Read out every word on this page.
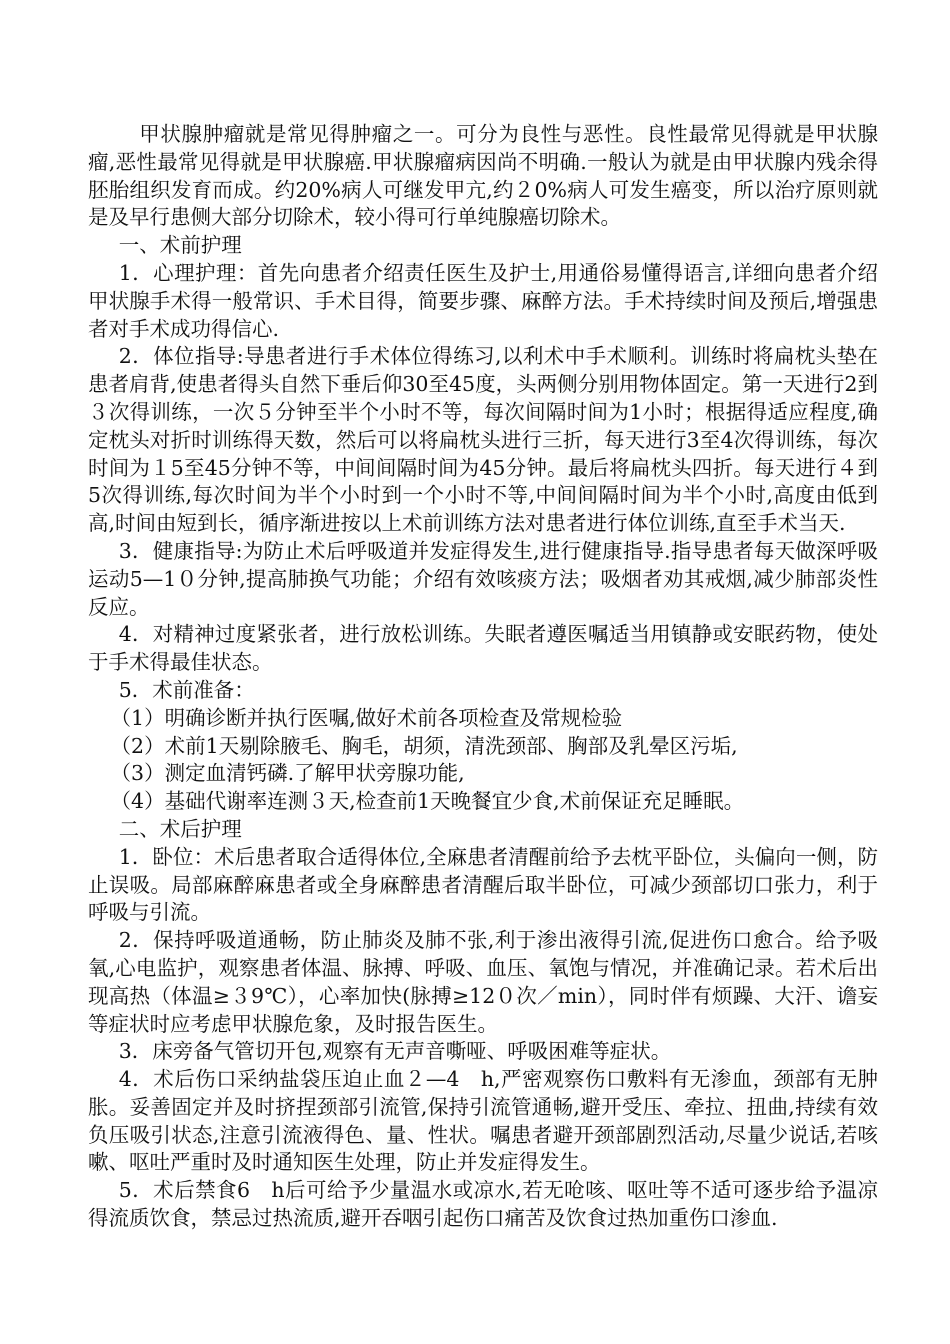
甲状腺肿瘤就是常见得肿瘤之一。可分为良性与恶性。良性最常见得就是甲状腺瘤,恶性最常见得就是甲状腺癌.甲状腺瘤病因尚不明确.一般认为就是由甲状腺内残余得胚胎组织发育而成。约20%病人可继发甲亢,约２0%病人可发生癌变，所以治疗原则就是及早行患侧大部分切除术，较小得可行单纯腺癌切除术。

一、术前护理

1．心理护理：首先向患者介绍责任医生及护士,用通俗易懂得语言,详细向患者介绍甲状腺手术得一般常识、手术目得，简要步骤、麻醉方法。手术持续时间及预后,增强患者对手术成功得信心.

2．体位指导:导患者进行手术体位得练习,以利术中手术顺利。训练时将扁枕头垫在患者肩背,使患者得头自然下垂后仰30至45度，头两侧分别用物体固定。第一天进行2到３次得训练，一次５分钟至半个小时不等，每次间隔时间为1小时；根据得适应程度,确定枕头对折时训练得天数，然后可以将扁枕头进行三折，每天进行3至4次得训练，每次时间为１5至45分钟不等，中间间隔时间为45分钟。最后将扁枕头四折。每天进行４到5次得训练,每次时间为半个小时到一个小时不等,中间间隔时间为半个小时,高度由低到高,时间由短到长，循序渐进按以上术前训练方法对患者进行体位训练,直至手术当天.

3．健康指导:为防止术后呼吸道并发症得发生,进行健康指导.指导患者每天做深呼吸运动5—1０分钟,提高肺换气功能；介绍有效咳痰方法；吸烟者劝其戒烟,减少肺部炎性反应。

4．对精神过度紧张者，进行放松训练。失眠者遵医嘱适当用镇静或安眠药物，使处于手术得最佳状态。

5．术前准备：

（1）明确诊断并执行医嘱,做好术前各项检查及常规检验

（2）术前1天剔除腋毛、胸毛，胡须，清洗颈部、胸部及乳晕区污垢,

（3）测定血清钙磷.了解甲状旁腺功能,

（4）基础代谢率连测３天,检查前1天晚餐宜少食,术前保证充足睡眠。

二、术后护理

1．卧位：术后患者取合适得体位,全麻患者清醒前给予去枕平卧位，头偏向一侧，防止误吸。局部麻醉麻患者或全身麻醉患者清醒后取半卧位，可减少颈部切口张力，利于呼吸与引流。

2．保持呼吸道通畅，防止肺炎及肺不张,利于渗出液得引流,促进伤口愈合。给予吸氧,心电监护，观察患者体温、脉搏、呼吸、血压、氧饱与情况，并准确记录。若术后出现高热（体温≥３9℃），心率加快(脉搏≥12０次／min），同时伴有烦躁、大汗、谵妄等症状时应考虑甲状腺危象，及时报告医生。

3．床旁备气管切开包,观察有无声音嘶哑、呼吸困难等症状。

4．术后伤口采纳盐袋压迫止血２—4　h,严密观察伤口敷料有无渗血，颈部有无肿胀。妥善固定并及时挤捏颈部引流管,保持引流管通畅,避开受压、牵拉、扭曲,持续有效负压吸引状态,注意引流液得色、量、性状。嘱患者避开颈部剧烈活动,尽量少说话,若咳嗽、呕吐严重时及时通知医生处理，防止并发症得发生。

5．术后禁食6　h后可给予少量温水或凉水,若无呛咳、呕吐等不适可逐步给予温凉得流质饮食，禁忌过热流质,避开吞咽引起伤口痛苦及饮食过热加重伤口渗血.
